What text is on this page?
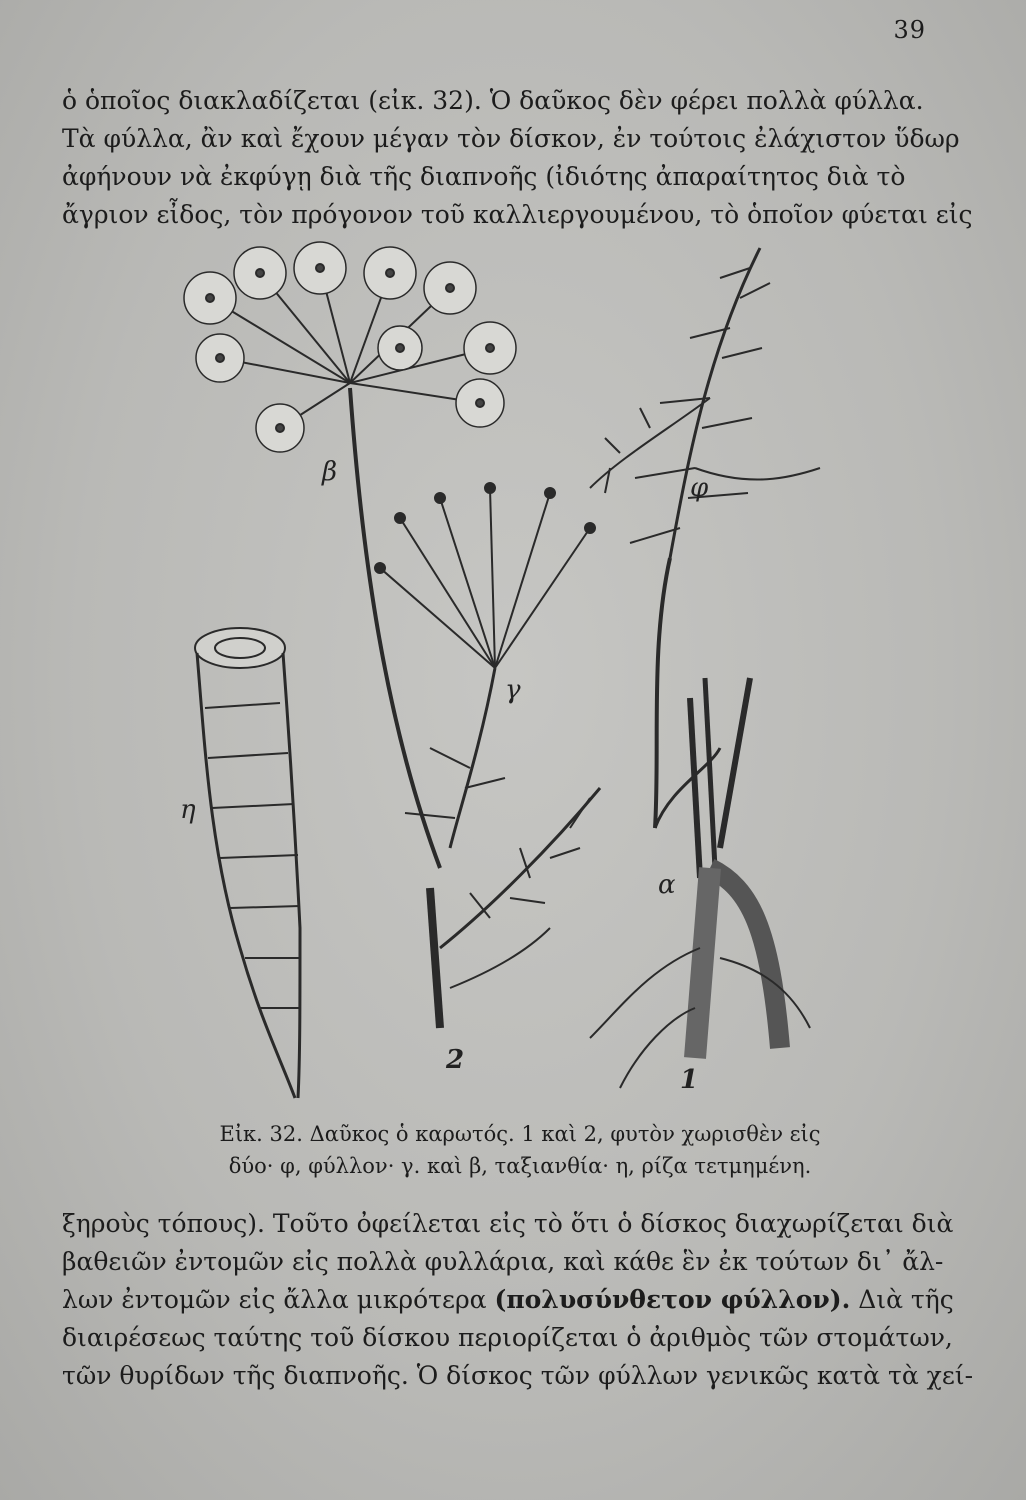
39
ὁ ὁποῖος διακλαδίζεται (εἰκ. 32). Ὁ δαῦκος δὲν φέρει πολλὰ φύλλα.
Τὰ φύλλα, ἂν καὶ ἔχουν μέγαν τὸν δίσκον, ἐν τούτοις ἐλάχιστον ὕδωρ
ἀφήνουν νὰ ἐκφύγῃ διὰ τῆς διαπνοῆς (ἰδιότης ἀπαραίτητος διὰ τὸ
ἄγριον εἶδος, τὸν πρόγονον τοῦ καλλιεργουμένου, τὸ ὁποῖον φύεται εἰς
β
φ
γ
η
α
2
1
Εἰκ. 32. Δαῦκος ὁ καρωτός. 1 καὶ 2, φυτὸν χωρισθὲν εἰς
δύο· φ, φύλλον· γ. καὶ β, ταξιανθία· η, ρίζα τετμημένη.
ξηροὺς τόπους). Τοῦτο ὀφείλεται εἰς τὸ ὅτι ὁ δίσκος διαχωρίζεται διὰ
βαθειῶν ἐντομῶν εἰς πολλὰ φυλλάρια, καὶ κάθε ἓν ἐκ τούτων δι᾿ ἄλ-
λων ἐντομῶν εἰς ἄλλα μικρότερα (πολυσύνθετον φύλλον). Διὰ τῆς
διαιρέσεως ταύτης τοῦ δίσκου περιορίζεται ὁ ἀριθμὸς τῶν στομάτων,
τῶν θυρίδων τῆς διαπνοῆς. Ὁ δίσκος τῶν φύλλων γενικῶς κατὰ τὰ χεί-
